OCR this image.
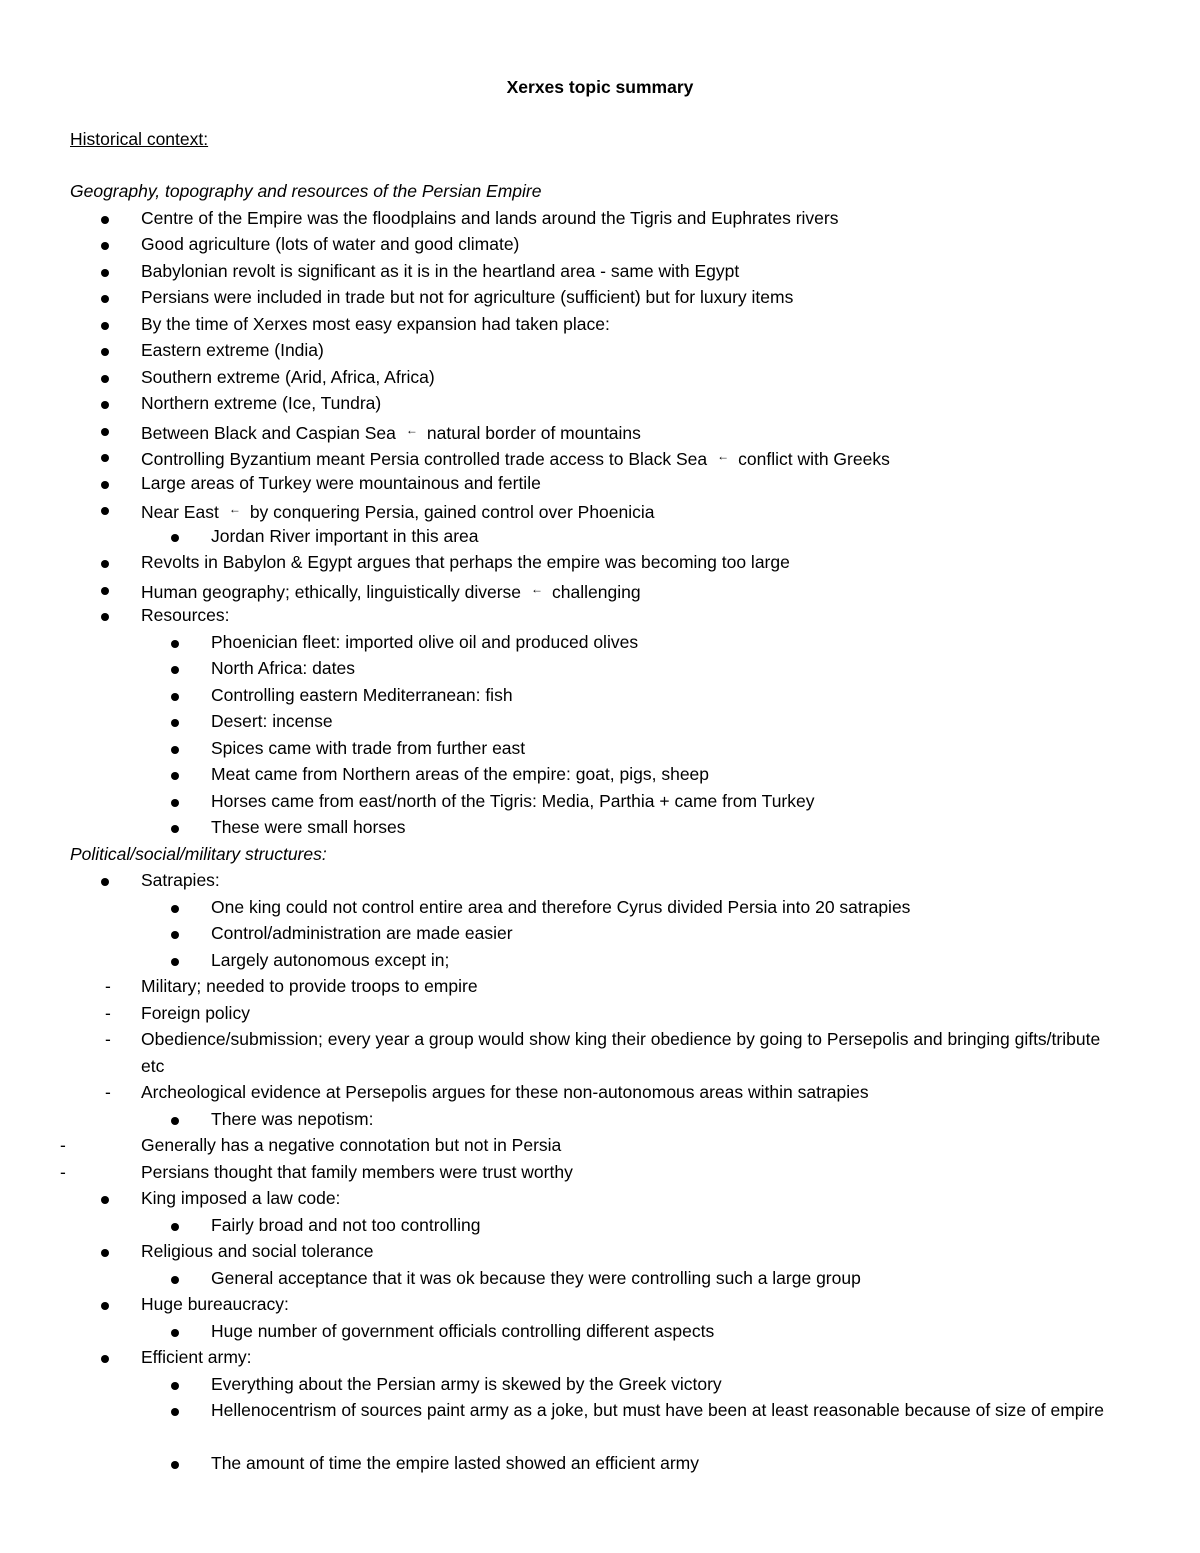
Xerxes topic summary
Historical context:
Geography, topography and resources of the Persian Empire
Centre of the Empire was the floodplains and lands around the Tigris and Euphrates rivers
Good agriculture (lots of water and good climate)
Babylonian revolt is significant as it is in the heartland area - same with Egypt
Persians were included in trade but not for agriculture (sufficient) but for luxury items
By the time of Xerxes most easy expansion had taken place:
Eastern extreme (India)
Southern extreme (Arid, Africa, Africa)
Northern extreme (Ice, Tundra)
Between Black and Caspian Sea ← natural border of mountains
Controlling Byzantium meant Persia controlled trade access to Black Sea ← conflict with Greeks
Large areas of Turkey were mountainous and fertile
Near East ← by conquering Persia, gained control over Phoenicia
Jordan River important in this area
Revolts in Babylon & Egypt argues that perhaps the empire was becoming too large
Human geography; ethically, linguistically diverse ← challenging
Resources:
Phoenician fleet: imported olive oil and produced olives
North Africa: dates
Controlling eastern Mediterranean: fish
Desert: incense
Spices came with trade from further east
Meat came from Northern areas of the empire: goat, pigs, sheep
Horses came from east/north of the Tigris: Media, Parthia + came from Turkey
These were small horses
Political/social/military structures:
Satrapies:
One king could not control entire area and therefore Cyrus divided Persia into 20 satrapies
Control/administration are made easier
Largely autonomous except in;
- Military; needed to provide troops to empire
- Foreign policy
- Obedience/submission; every year a group would show king their obedience by going to Persepolis and bringing gifts/tribute etc
- Archeological evidence at Persepolis argues for these non-autonomous areas within satrapies
There was nepotism:
-	Generally has a negative connotation but not in Persia
-	Persians thought that family members were trust worthy
King imposed a law code:
Fairly broad and not too controlling
Religious and social tolerance
General acceptance that it was ok because they were controlling such a large group
Huge bureaucracy:
Huge number of government officials controlling different aspects
Efficient army:
Everything about the Persian army is skewed by the Greek victory
Hellenocentrism of sources paint army as a joke, but must have been at least reasonable because of size of empire
The amount of time the empire lasted showed an efficient army
